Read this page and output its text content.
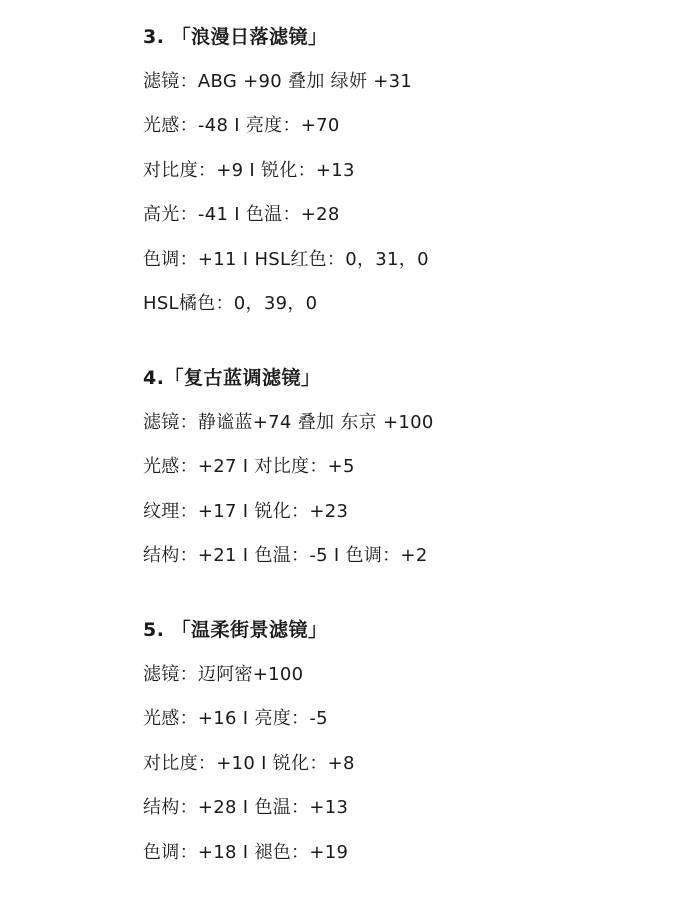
3. 「浪漫日落滤镜」
滤镜：ABG +90 叠加 绿妍 +31
光感：-48 I 亮度：+70
对比度：+9 I 锐化：+13
高光：-41 I 色温：+28
色调：+11 I HSL红色：0，31，0
HSL橘色：0，39，0
4.「复古蓝调滤镜」
滤镜：静谧蓝+74 叠加 东京 +100
光感：+27 I 对比度：+5
纹理：+17 I 锐化：+23
结构：+21 I 色温：-5 I 色调：+2
5. 「温柔街景滤镜」
滤镜：迈阿密+100
光感：+16 I 亮度：-5
对比度：+10 I 锐化：+8
结构：+28 I 色温：+13
色调：+18 I 褪色：+19
